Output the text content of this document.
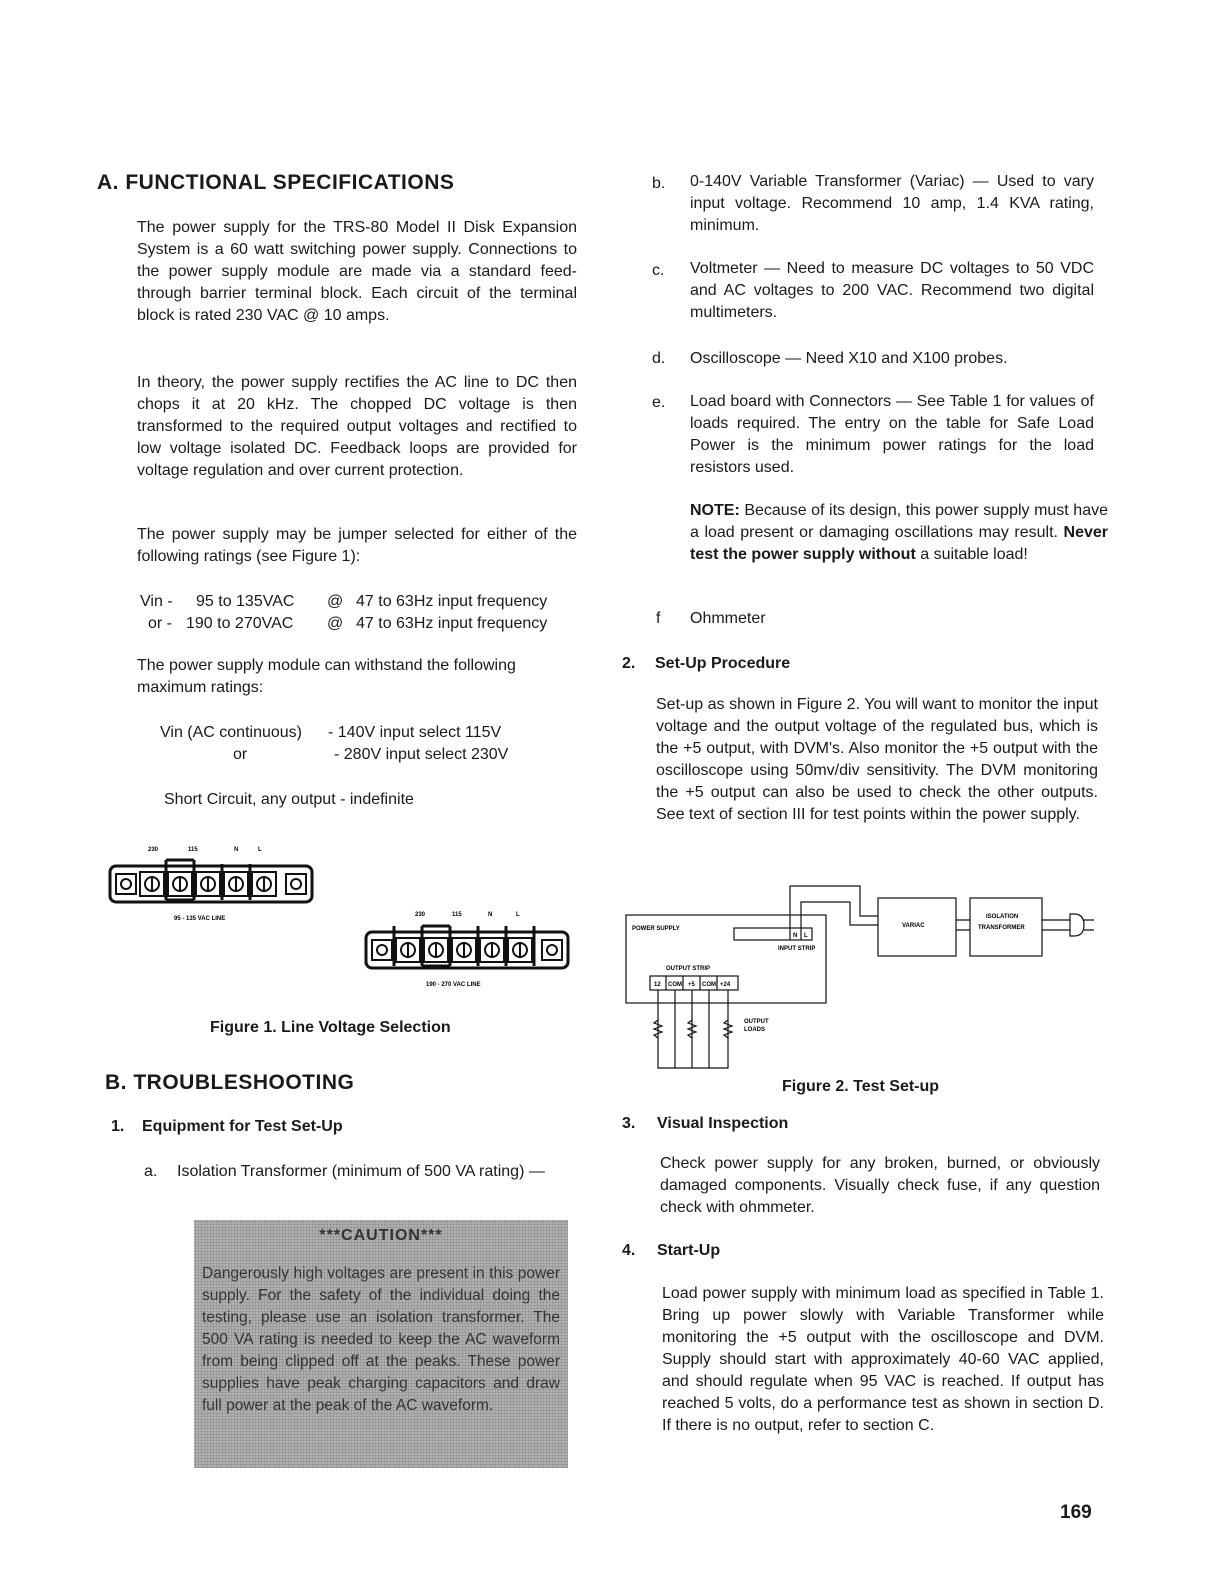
A. FUNCTIONAL SPECIFICATIONS

The power supply for the TRS-80 Model II Disk Expansion System is a 60 watt switching power supply. Connections to the power supply module are made via a standard feed-through barrier terminal block. Each circuit of the terminal block is rated 230 VAC @ 10 amps.

In theory, the power supply rectifies the AC line to DC then chops it at 20 kHz. The chopped DC voltage is then transformed to the required output voltages and rectified to low voltage isolated DC. Feedback loops are provided for voltage regulation and over current protection.

The power supply may be jumper selected for either of the following ratings (see Figure 1):

Vin - 95 to 135VAC @ 47 to 63Hz input frequency
or - 190 to 270VAC @ 47 to 63Hz input frequency

The power supply module can withstand the following maximum ratings:

Vin (AC continuous) - 140V input select 115V
or	- 280V input select 230V
Short Circuit, any output - indefinite
230	115	N	L
95 - 135 VAC LINE
230	115	N	L
190 - 270 VAC LINE
Figure 1. Line Voltage Selection
B. TROUBLESHOOTING
1. Equipment for Test Set-Up
a. Isolation Transformer (minimum of 500 VA rating) —

***CAUTION***

Dangerously high voltages are present in this power supply. For the safety of the individual doing the testing, please use an isolation transformer. The 500 VA rating is needed to keep the AC waveform from being clipped off at the peaks. These power supplies have peak charging capacitors and draw full power at the peak of the AC waveform.

b. 0-140V Variable Transformer (Variac) — Used to vary input voltage. Recommend 10 amp, 1.4 KVA rating, minimum.

c. Voltmeter — Need to measure DC voltages to 50 VDC and AC voltages to 200 VAC. Recommend two digital multimeters.

d. Oscilloscope — Need X10 and X100 probes.

e. Load board with Connectors — See Table 1 for values of loads required. The entry on the table for Safe Load Power is the minimum power ratings for the load resistors used.

NOTE: Because of its design, this power supply must have a load present or damaging oscillations may result. Never test the power supply without a suitable load!

f Ohmmeter
2. Set-Up Procedure

Set-up as shown in Figure 2. You will want to monitor the input voltage and the output voltage of the regulated bus, which is the +5 output, with DVM's. Also monitor the +5 output with the oscilloscope using 50mv/div sensitivity. The DVM monitoring the +5 output can also be used to check the other outputs. See text of section III for test points within the power supply.

POWER SUPPLY
N L
INPUT STRIP
OUTPUT STRIP
12 COM +5 COM +24
OUTPUT
LOADS
VARIAC
ISOLATION
TRANSFORMER
Figure 2. Test Set-up
3. Visual Inspection

Check power supply for any broken, burned, or obviously damaged components. Visually check fuse, if any question check with ohmmeter.

4. Start-Up

Load power supply with minimum load as specified in Table 1. Bring up power slowly with Variable Transformer while monitoring the +5 output with the oscilloscope and DVM. Supply should start with approximately 40-60 VAC applied, and should regulate when 95 VAC is reached. If output has reached 5 volts, do a performance test as shown in section D. If there is no output, refer to section C.

169
